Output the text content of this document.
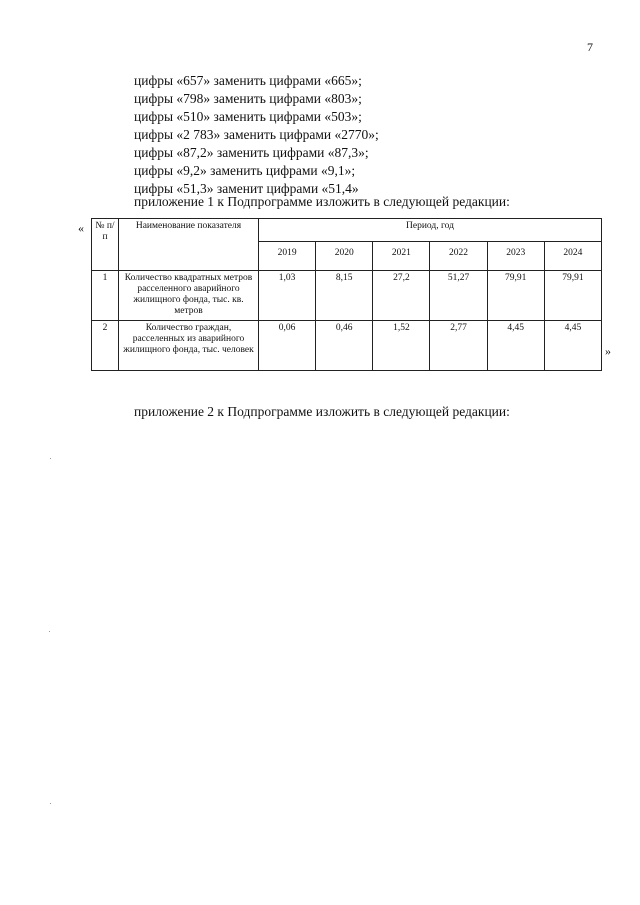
7
цифры «657» заменить цифрами «665»;
цифры «798» заменить цифрами «803»;
цифры «510» заменить цифрами «503»;
цифры «2 783» заменить цифрами «2770»;
цифры «87,2» заменить цифрами «87,3»;
цифры «9,2» заменить цифрами «9,1»;
цифры «51,3» заменит цифрами «51,4»
приложение 1 к Подпрограмме изложить в следующей редакции:
« № п/п	Наименование показателя	Период, год					
		2019	2020	2021	2022	2023	2024
1	Количество квадратных метров расселенного аварийного жилищного фонда, тыс. кв. метров	1,03	8,15	27,2	51,27	79,91	79,91
2	Количество граждан, расселенных из аварийного жилищного фонда, тыс. человек	0,06	0,46	1,52	2,77	4,45	4,45
»
приложение 2 к Подпрограмме изложить в следующей редакции:
